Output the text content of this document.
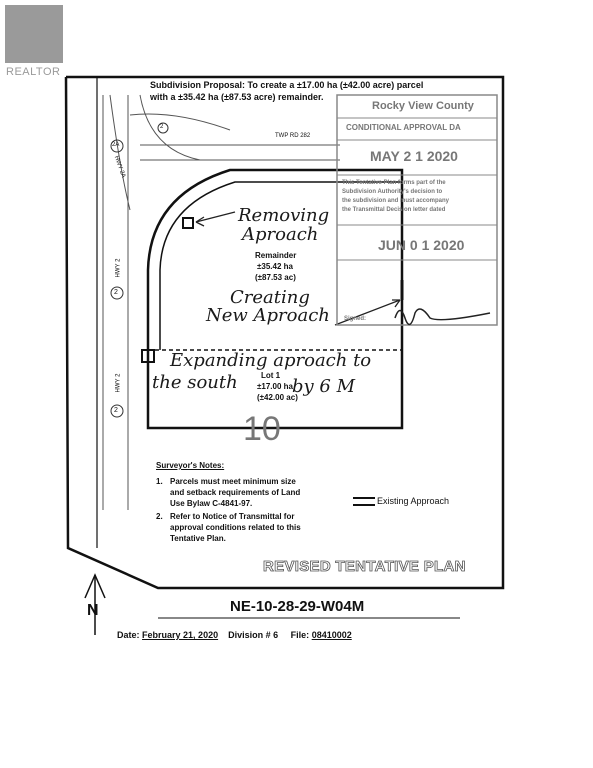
REALTOR
Subdivision Proposal: To create a ±17.00 ha (±42.00 acre) parcel
with a ±35.42 ha (±87.53 acre) remainder.
Rocky View County
CONDITIONAL APPROVAL DA
MAY 2 1 2020
This Tentative Plan forms part of the
Subdivision Authority's decision to
the subdivision and must accompany
the Transmittal Decision letter dated
JUN 0 1 2020
Signed:
TWP RD 282
HWY 2A
HWY 2
HWY 2
2A
2
2
2
Remainder
±35.42 ha
(±87.53 ac)
Lot 1
±17.00 ha
(±42.00 ac)
10
Removing
Aproach
Creating
New Aproach
Expanding aproach to
the south	by 6 M
Surveyor's Notes:
1. Parcels must meet minimum size
and setback requirements of Land
Use Bylaw C-4841-97.
2. Refer to Notice of Transmittal for
approval conditions related to this
Tentative Plan.
Existing Approach
REVISED TENTATIVE PLAN
NE-10-28-29-W04M
N
Date: February 21, 2020 Division # 6 File: 08410002
